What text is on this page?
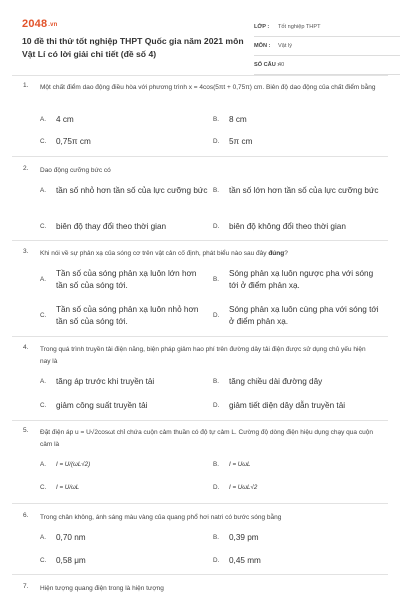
2048.vn
10 đề thi thử tốt nghiệp THPT Quốc gia năm 2021 môn Vật Lí có lời giải chi tiết (đề số 4)
LỚP : Tốt nghiệp THPT
MÔN : Vật lý
SỐ CÂU :
40
1. Một chất điểm dao động điều hòa với phương trình x = 4cos(5πt + 0,75π) cm. Biên độ dao động của chất điểm bằng
A.	4 cm	B.	8 cm
C.	0,75π cm	D.	5π cm
2. Dao động cưỡng bức có
A.	tần số nhỏ hơn tần số của lực cưỡng bức B.	tần số lớn hơn tần số của lực cưỡng bức
C.	biên độ thay đổi theo thời gian	D.	biên độ không đổi theo thời gian
3. Khi nói về sự phản xạ của sóng cơ trên vật cản cố định, phát biểu nào sau đây đúng?
A.
Tần số của sóng phản xạ luôn lớn hơn tần số của sóng tới.
B.
Sóng phản xạ luôn ngược pha với sóng tới ở điểm phản xạ.
C.
Tần số của sóng phản xạ luôn nhỏ hơn tần số của sóng tới.
D.
Sóng phản xạ luôn cùng pha với sóng tới ở điểm phản xạ.
4. Trong quá trình truyền tải điện năng, biện pháp giảm hao phí trên đường dây tải điện được sử dụng chủ yếu hiện nay là
A.	tăng áp trước khi truyền tải	B.	tăng chiều dài đường dây
C.	giảm công suất truyền tải	D.	giảm tiết diện dây dẫn truyền tải
5. Đặt điện áp u = U√2cosωt chỉ chứa cuộn cảm thuần có độ tự cảm L. Cường độ dòng điện hiệu dụng chạy qua cuộn cảm là
A.	I = U/(ωL√2)	B.	I = UωL
C.	I = U/ωL	D.	I = UωL√2
6. Trong chân không, ánh sáng màu vàng của quang phổ hơi natri có bước sóng bằng
A.	0,70 nm	B.	0,39 pm
C.	0,58 μm	D.	0,45 mm
7. Hiện tượng quang điện trong là hiện tượng
